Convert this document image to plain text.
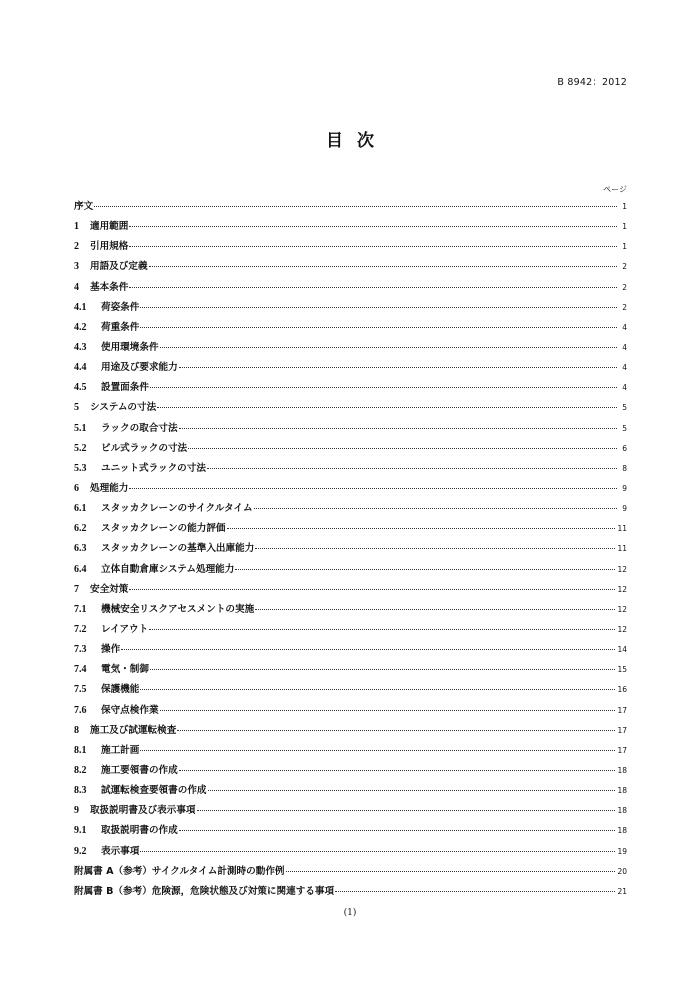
B 8942：2012
目次
ページ
序文	1
1	適用範囲	1
2	引用規格	1
3	用語及び定義	2
4	基本条件	2
4.1	荷姿条件	2
4.2	荷重条件	4
4.3	使用環境条件	4
4.4	用途及び要求能力	4
4.5	設置面条件	4
5	システムの寸法	5
5.1	ラックの取合寸法	5
5.2	ビル式ラックの寸法	6
5.3	ユニット式ラックの寸法	8
6	処理能力	9
6.1	スタッカクレーンのサイクルタイム	9
6.2	スタッカクレーンの能力評価	11
6.3	スタッカクレーンの基準入出庫能力	11
6.4	立体自動倉庫システム処理能力	12
7	安全対策	12
7.1	機械安全リスクアセスメントの実施	12
7.2	レイアウト	12
7.3	操作	14
7.4	電気・制御	15
7.5	保護機能	16
7.6	保守点検作業	17
8	施工及び試運転検査	17
8.1	施工計画	17
8.2	施工要領書の作成	18
8.3	試運転検査要領書の作成	18
9	取扱説明書及び表示事項	18
9.1	取扱説明書の作成	18
9.2	表示事項	19
附属書 A（参考）サイクルタイム計測時の動作例	20
附属書 B（参考）危険源，危険状態及び対策に関連する事項	21
(1)
